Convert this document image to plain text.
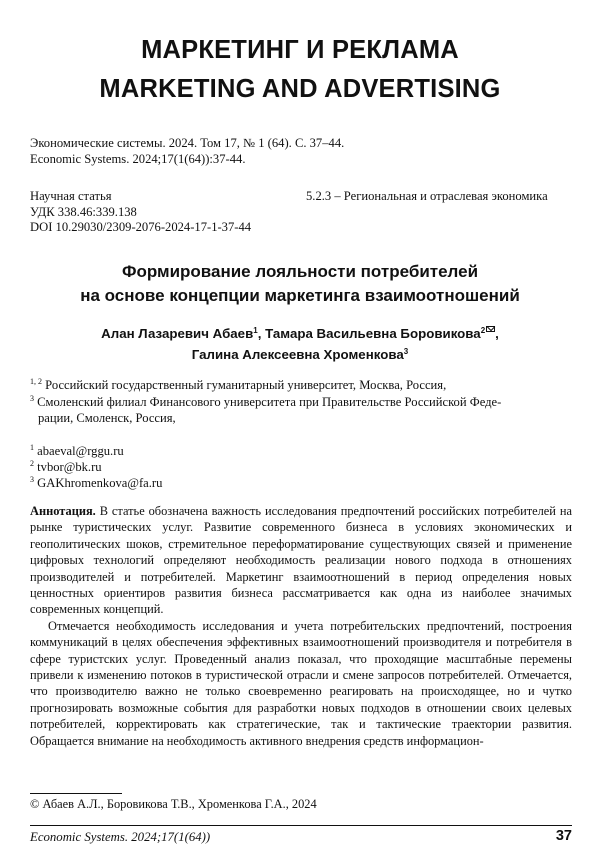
МАРКЕТИНГ И РЕКЛАМА
MARKETING AND ADVERTISING
Экономические системы. 2024. Том 17, № 1 (64). С. 37–44.
Economic Systems. 2024;17(1(64)):37-44.
Научная статья
УДК 338.46:339.138
DOI 10.29030/2309-2076-2024-17-1-37-44
5.2.3 – Региональная и отраслевая экономика
Формирование лояльности потребителей
на основе концепции маркетинга взаимоотношений
Алан Лазаревич Абаев$^1$, Тамара Васильевна Боровикова$^2$ ,
Галина Алексеевна Хроменкова$^3$

$^{1, 2}$ Российский государственный гуманитарный университет, Москва, Россия,

$^3$ Смоленский филиал Финансового университета при Правительстве Российской Феде-

рации, Смоленск, Россия,

$^1$ abaeval@rggu.ru

$^2$ tvbor@bk.ru

$^3$ GAKhromenkova@fa.ru

Аннотация. В статье обозначена важность исследования предпочтений российских потребителей на рынке туристических услуг. Развитие современного бизнеса в условиях экономических и геополитических шоков, стремительное переформатирование существующих связей и применение цифровых технологий определяют необходимость реализации нового подхода в отношениях производителей и потребителей. Маркетинг взаимоотношений в период определения новых ценностных ориентиров развития бизнеса рассматривается как одна из наиболее значимых современных концепций.

Отмечается необходимость исследования и учета потребительских предпочтений, построения коммуникаций в целях обеспечения эффективных взаимоотношений производителя и потребителя в сфере туристских услуг. Проведенный анализ показал, что проходящие масштабные перемены привели к изменению потоков в туристической отрасли и смене запросов потребителей. Отмечается, что производителю важно не только своевременно реагировать на происходящее, но и чутко прогнозировать возможные события для разработки новых подходов в отношении своих целевых потребителей, корректировать как стратегические, так и тактические траектории развития. Обращается внимание на необходимость активного внедрения средств информацион-

© Абаев А.Л., Боровикова Т.В., Хроменкова Г.А., 2024
Economic Systems. 2024;17(1(64))	37
